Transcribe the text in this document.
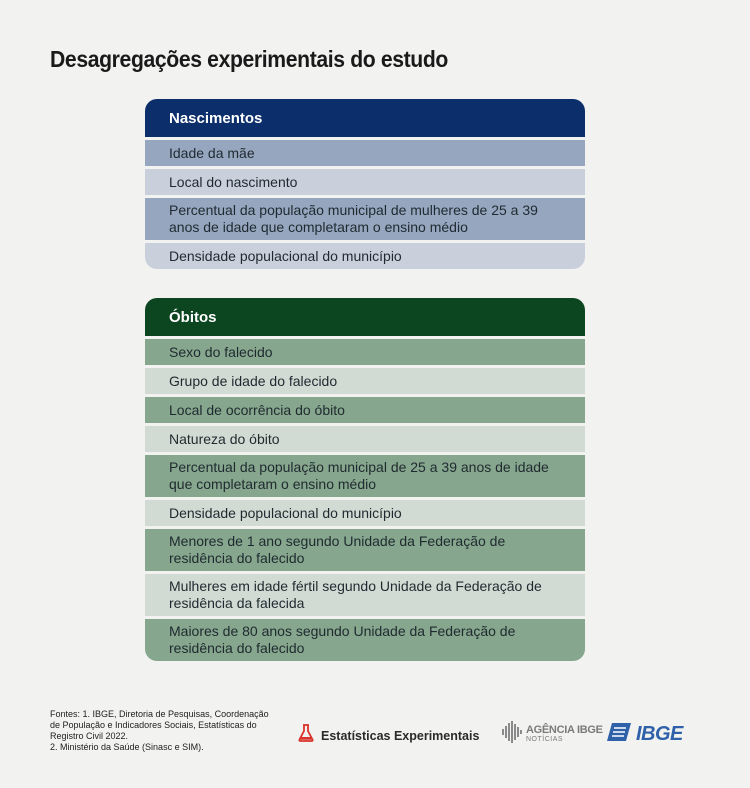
Desagregações experimentais do estudo
Nascimentos
Idade da mãe
Local do nascimento
Percentual da população municipal de mulheres de 25 a 39 anos de idade que completaram o ensino médio
Densidade populacional do município
Óbitos
Sexo do falecido
Grupo de idade do falecido
Local de ocorrência do óbito
Natureza do óbito
Percentual da população municipal de 25 a 39 anos de idade que completaram o ensino médio
Densidade populacional do município
Menores de 1 ano segundo Unidade da Federação de residência do falecido
Mulheres em idade fértil segundo Unidade da Federação de residência da falecida
Maiores de 80 anos segundo Unidade da Federação de residência do falecido
Fontes: 1. IBGE, Diretoria de Pesquisas, Coordenação de População e Indicadores Sociais, Estatísticas do Registro Civil 2022.
2. Ministério da Saúde (Sinasc e SIM).
Estatísticas Experimentais	AGÊNCIA IBGE
NOTÍCIAS	IBGE
